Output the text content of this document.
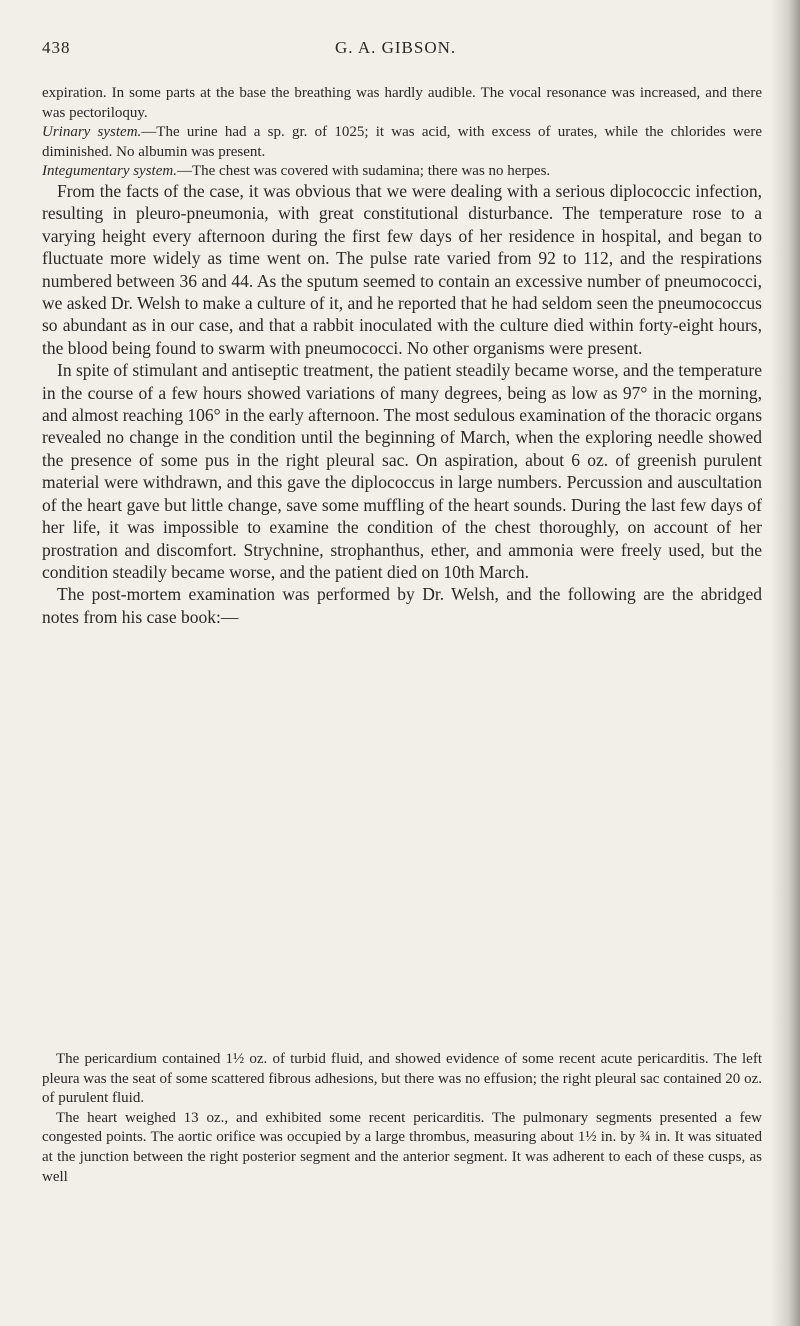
438	G. A. GIBSON.

expiration. In some parts at the base the breathing was hardly audible. The vocal resonance was increased, and there was pectoriloquy.

Urinary system.—The urine had a sp. gr. of 1025; it was acid, with excess of urates, while the chlorides were diminished. No albumin was present.

Integumentary system.—The chest was covered with sudamina; there was no herpes.

From the facts of the case, it was obvious that we were dealing with a serious diplococcic infection, resulting in pleuro-pneumonia, with great constitutional disturbance. The temperature rose to a varying height every afternoon during the first few days of her residence in hospital, and began to fluctuate more widely as time went on. The pulse rate varied from 92 to 112, and the respirations numbered between 36 and 44. As the sputum seemed to contain an excessive number of pneumococci, we asked Dr. Welsh to make a culture of it, and he reported that he had seldom seen the pneumococcus so abundant as in our case, and that a rabbit inoculated with the culture died within forty-eight hours, the blood being found to swarm with pneumococci. No other organisms were present.

In spite of stimulant and antiseptic treatment, the patient steadily became worse, and the temperature in the course of a few hours showed variations of many degrees, being as low as 97° in the morning, and almost reaching 106° in the early afternoon. The most sedulous examination of the thoracic organs revealed no change in the condition until the beginning of March, when the exploring needle showed the presence of some pus in the right pleural sac. On aspiration, about 6 oz. of greenish purulent material were withdrawn, and this gave the diplococcus in large numbers. Percussion and auscultation of the heart gave but little change, save some muffling of the heart sounds. During the last few days of her life, it was impossible to examine the condition of the chest thoroughly, on account of her prostration and discomfort. Strychnine, strophanthus, ether, and ammonia were freely used, but the condition steadily became worse, and the patient died on 10th March.

The post-mortem examination was performed by Dr. Welsh, and the following are the abridged notes from his case book:—

The pericardium contained 1½ oz. of turbid fluid, and showed evidence of some recent acute pericarditis. The left pleura was the seat of some scattered fibrous adhesions, but there was no effusion; the right pleural sac contained 20 oz. of purulent fluid.

The heart weighed 13 oz., and exhibited some recent pericarditis. The pulmonary segments presented a few congested points. The aortic orifice was occupied by a large thrombus, measuring about 1½ in. by ¾ in. It was situated at the junction between the right posterior segment and the anterior segment. It was adherent to each of these cusps, as well
